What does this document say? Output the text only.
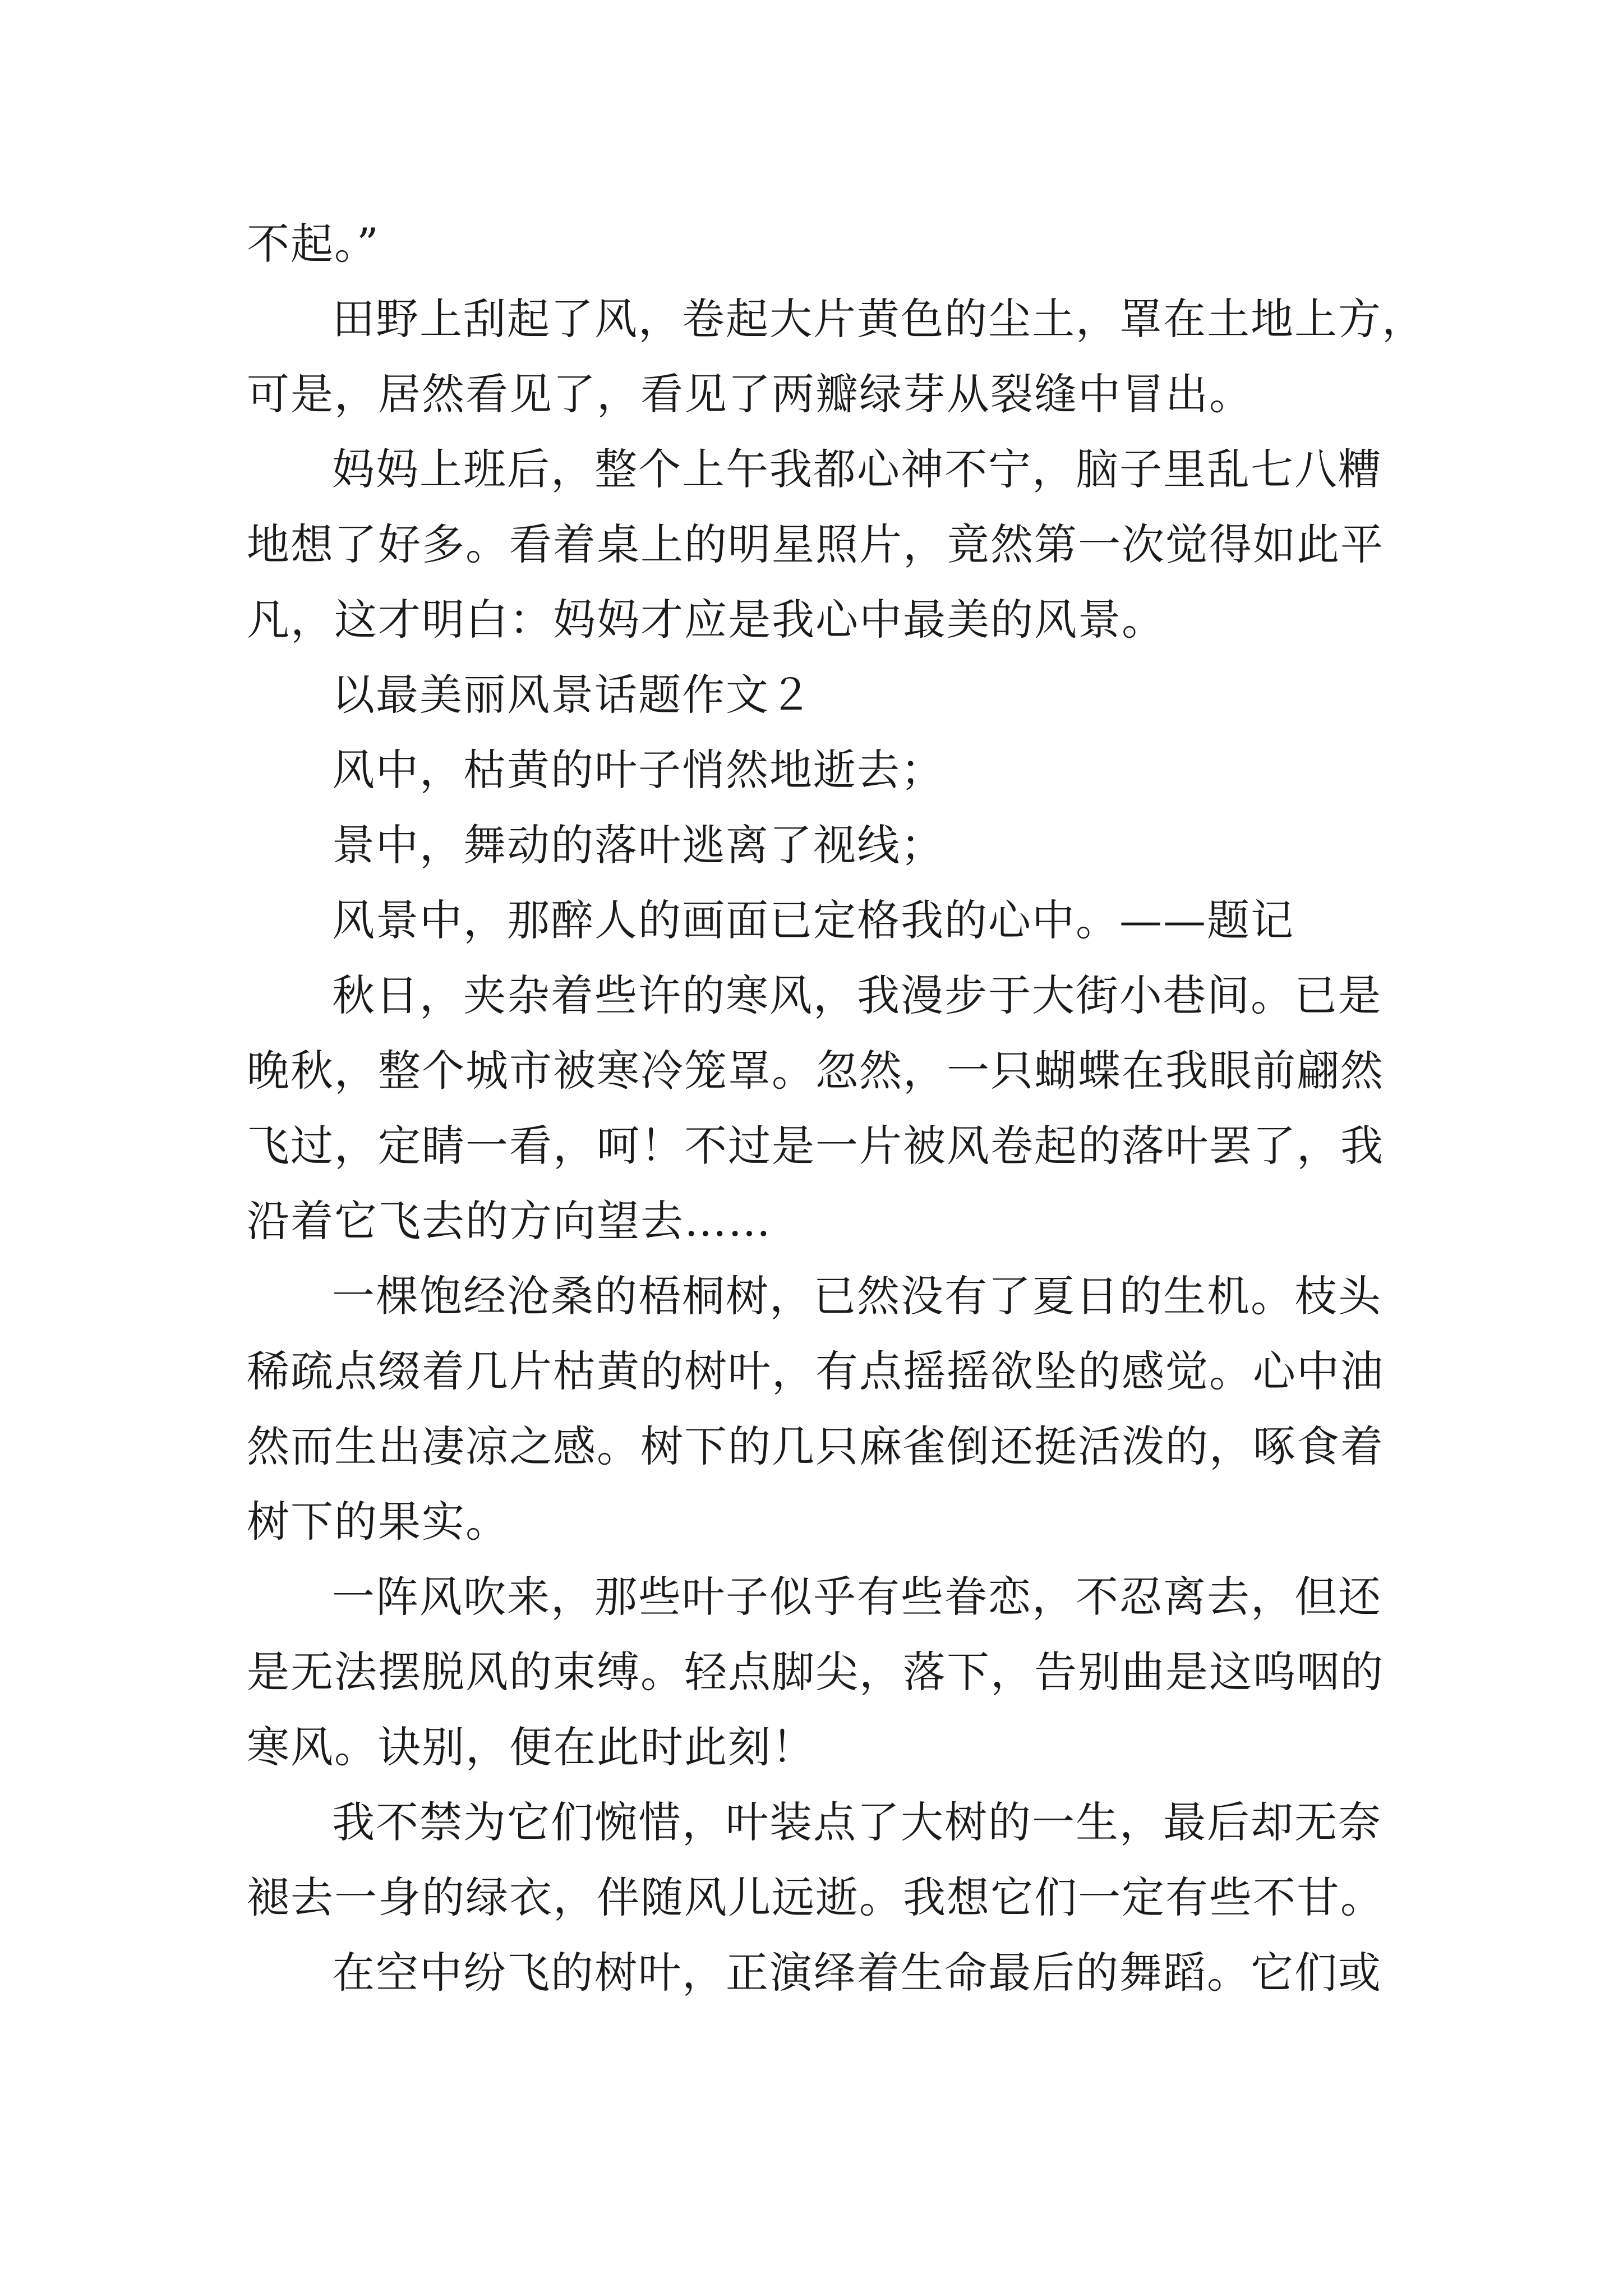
不起。”
田野上刮起了风，卷起大片黄色的尘土，罩在土地上方，
可是，居然看见了，看见了两瓣绿芽从裂缝中冒出。
妈妈上班后，整个上午我都心神不宁，脑子里乱七八糟
地想了好多。看着桌上的明星照片，竟然第一次觉得如此平
凡，这才明白：妈妈才应是我心中最美的风景。
以最美丽风景话题作文２
风中，枯黄的叶子悄然地逝去；
景中，舞动的落叶逃离了视线；
风景中，那醉人的画面已定格我的心中。——题记
秋日，夹杂着些许的寒风，我漫步于大街小巷间。已是
晚秋，整个城市被寒冷笼罩。忽然，一只蝴蝶在我眼前翩然
飞过，定睛一看，呵！不过是一片被风卷起的落叶罢了，我
沿着它飞去的方向望去……
一棵饱经沧桑的梧桐树，已然没有了夏日的生机。枝头
稀疏点缀着几片枯黄的树叶，有点摇摇欲坠的感觉。心中油
然而生出凄凉之感。树下的几只麻雀倒还挺活泼的，啄食着
树下的果实。
一阵风吹来，那些叶子似乎有些眷恋，不忍离去，但还
是无法摆脱风的束缚。轻点脚尖，落下，告别曲是这呜咽的
寒风。诀别，便在此时此刻！
我不禁为它们惋惜，叶装点了大树的一生，最后却无奈
褪去一身的绿衣，伴随风儿远逝。我想它们一定有些不甘。
在空中纷飞的树叶，正演绎着生命最后的舞蹈。它们或
